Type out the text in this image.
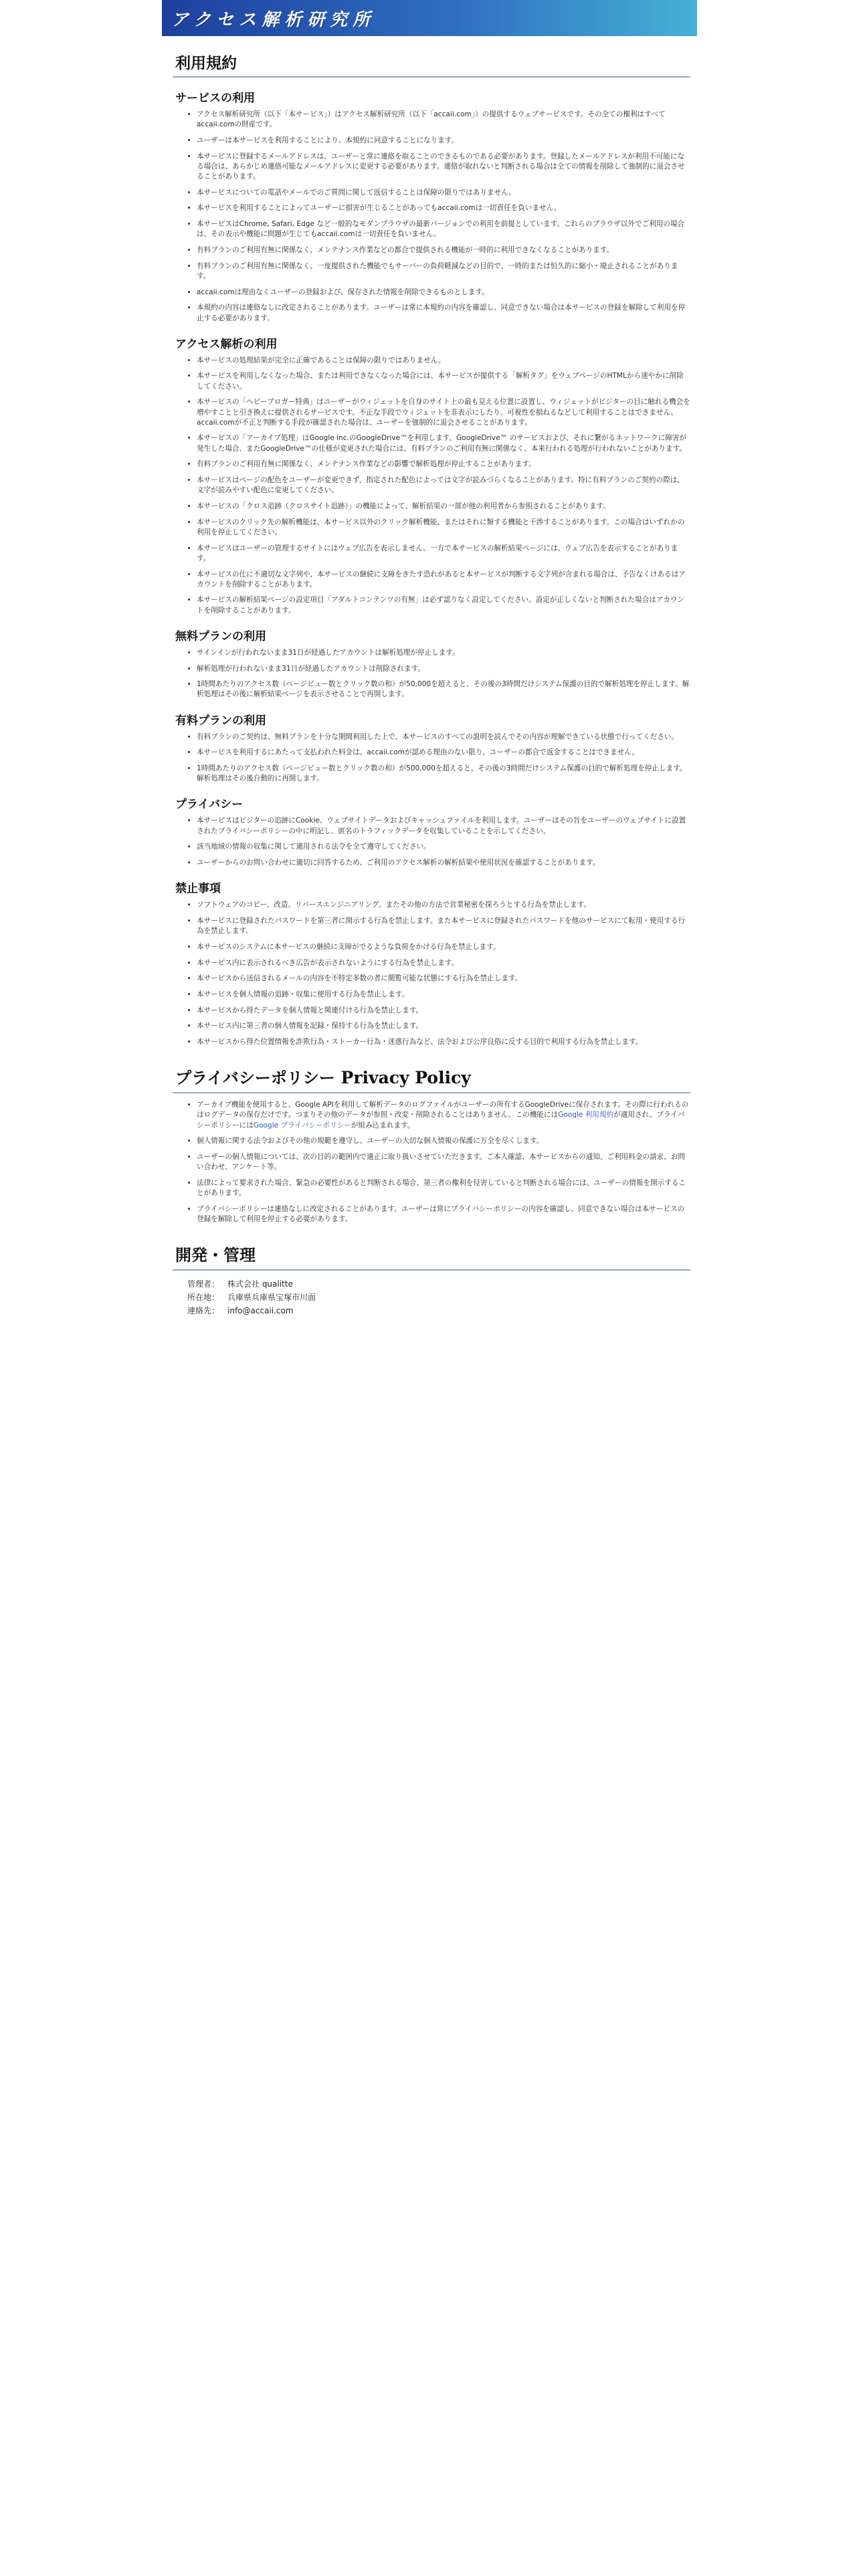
アクセス解析研究所
利用規約
サービスの利用
• アクセス解析研究所（以下「本サービス」）はアクセス解析研究所（以下「accaii.com」）の提供するウェブサービスです。その全ての権利はすべてaccaii.comの財産です。
• ユーザーは本サービスを利用することにより、本規約に同意することになります。
• 本サービスに登録するメールアドレスは、ユーザーと常に連絡を取ることのできるものである必要があります。登録したメールアドレスが利用不可能になる場合は、あらかじめ連絡可能なメールアドレスに変更する必要があります。連絡が取れないと判断される場合は全ての情報を削除して強制的に退会させることがあります。
• 本サービスについての電話やメールでのご質問に関して返信することは保障の限りではありません。
• 本サービスを利用することによってユーザーに損害が生じることがあってもaccaii.comは一切責任を負いません。
• 本サービスはChrome, Safari, Edge など一般的なモダンブラウザの最新バージョンでの利用を前提としています。これらのブラウザ以外でご利用の場合は、その表示や機能に問題が生じてもaccaii.comは一切責任を負いません。
• 有料プランのご利用有無に関係なく、メンテナンス作業などの都合で提供される機能が一時的に利用できなくなることがあります。
• 有料プランのご利用有無に関係なく、一度提供された機能でもサーバーの負荷軽減などの目的で、一時的または恒久的に縮小・廃止されることがあります。
• accaii.comは理由なくユーザーの登録および、保存された情報を削除できるものとします。
• 本規約の内容は連絡なしに改定されることがあります。ユーザーは常に本規約の内容を確認し、同意できない場合は本サービスの登録を解除して利用を停止する必要があります。
アクセス解析の利用
• 本サービスの処理結果が完全に正確であることは保障の限りではありません。
• 本サービスを利用しなくなった場合、または利用できなくなった場合には、本サービスが提供する「解析タグ」をウェブページのHTMLから速やかに削除してください。
• 本サービスの「ヘビーブロガー特典」はユーザーがウィジェットを自身のサイト上の最も見える位置に設置し、ウィジェットがビジターの目に触れる機会を増やすことと引き換えに提供されるサービスです。不正な手段でウィジェットを非表示にしたり、可視性を損ねるなどして利用することはできません。accaii.comが不正と判断する手段が確認された場合は、ユーザーを強制的に退会させることがあります。
• 本サービスの「アーカイブ処理」はGoogle inc.のGoogleDrive™を利用します。GoogleDrive™ のサービスおよび、それに繋がるネットワークに障害が発生した場合、またGoogleDrive™の仕様が変更された場合には、有料プランのご利用有無に関係なく、本来行われる処理が行われないことがあります。
• 有料プランのご利用有無に関係なく、メンテナンス作業などの影響で解析処理が停止することがあります。
• 本サービスはページの配色をユーザーが変更できず、指定された配色によっては文字が読みづらくなることがあります。特に有料プランのご契約の際は、文字が読みやすい配色に変更してください。
• 本サービスの「クロス追跡（クロスサイト追跡）」の機能によって、解析結果の一部が他の利用者から参照されることがあります。
• 本サービスのクリック先の解析機能は、本サービス以外のクリック解析機能、またはそれに類する機能と干渉することがあります。この場合はいずれかの利用を停止してください。
• 本サービスはユーザーの管理するサイトにはウェブ広告を表示しません。一方で本サービスの解析結果ページには、ウェブ広告を表示することがあります。
• 本サービスの仕に不適切な文字列や、本サービスの継続に支障をきたす恐れがあると本サービスが判断する文字列が含まれる場合は、予告なくけあるはアカウントを削除することがあります。
• 本サービスの解析結果ページの設定項目「アダルトコンテンツの有無」は必ず認りなく設定してください。設定が正しくないと判断された場合はアカウントを削除することがあります。
無料プランの利用
• サインインが行われないまま31日が経過したアカウントは解析処理が停止します。
• 解析処理が行われないまま31日が経過したアカウントは削除されます。
• 1時間あたりのアクセス数（ページビュー数とクリック数の和）が50,000を超えると、その後の3時間だけシステム保護の目的で解析処理を停止します。解析処理はその後に解析結果ページを表示させることで再開します。
有料プランの利用
• 有料プランのご契約は、無料プランを十分な期間利用した上で、本サービスのすべての説明を読んでその内容が理解できている状態で行ってください。
• 本サービスを利用するにあたって支払われた料金は、accaii.comが認める理由のない限り、ユーザーの都合で返金することはできません。
• 1時間あたりのアクセス数（ページビュー数とクリック数の和）が500,000を超えると、その後の3時間だけシステム保護の目的で解析処理を停止します。解析処理はその後自動的に再開します。
プライバシー
• 本サービスはビジターの追跡にCookie、ウェブサイトデータおよびキャッシュファイルを利用します。ユーザーはその旨をユーザーのウェブサイトに設置されたプライバシーポリシーの中に明記し、匿名のトラフィックデータを収集していることを示してください。
• 該当地域の情報の収集に関して適用される法令を全て遵守してください。
• ユーザーからのお問い合わせに適切に回答するため、ご利用のアクセス解析の解析結果や使用状況を確認することがあります。
禁止事項
• ソフトウェアのコピー、改造、リバースエンジニアリング、またその他の方法で営業秘密を探ろうとする行為を禁止します。
• 本サービスに登録されたパスワードを第三者に開示する行為を禁止します。また本サービスに登録されたパスワードを他のサービスにて転用・使用する行為を禁止します。
• 本サービスのシステムに本サービスの継続に支障がでるような負荷をかける行為を禁止します。
• 本サービス内に表示されるべき広告が表示されないようにする行為を禁止します。
• 本サービスから送信されるメールの内容を不特定多数の者に閲覧可能な状態にする行為を禁止します。
• 本サービスを個人情報の追跡・収集に使用する行為を禁止します。
• 本サービスから得たデータを個人情報と関連付ける行為を禁止します。
• 本サービス内に第三者の個人情報を記録・保持する行為を禁止します。
• 本サービスから得た位置情報を詐欺行為・ストーカー行為・迷惑行為など、法令および公序良俗に反する目的で利用する行為を禁止します。
プライバシーポリシー Privacy Policy
• アーカイブ機能を使用すると、Google APIを利用して解析データのログファイルがユーザーの所有するGoogleDriveに保存されます。その際に行われるのはログデータの保存だけです。つまりその他のデータが参照・改変・削除されることはありません。この機能にはGoogle 利用規約が適用され、プライバシーポリシーにはGoogle プライバシーポリシーが組み込まれます。
• 個人情報に関する法令およびその他の規範を遵守し、ユーザーの大切な個人情報の保護に万全を尽くします。
• ユーザーの個人情報については、次の目的の範囲内で適正に取り扱いさせていただきます。ご本人確認、本サービスからの通知、ご利用料金の請求、お問い合わせ、アンケート等。
• 法律によって要求された場合、緊急の必要性があると判断される場合、第三者の権利を侵害していると判断される場合には、ユーザーの情報を開示することがあります。
• プライバシーポリシーは連絡なしに改定されることがあります。ユーザーは常にプライバシーポリシーの内容を確認し、同意できない場合は本サービスの登録を解除して利用を停止する必要があります。
開発・管理
管理者： 株式会社 qualitte
所在地： 兵庫県兵庫県宝塚市川面
連絡先： info@accaii.com
